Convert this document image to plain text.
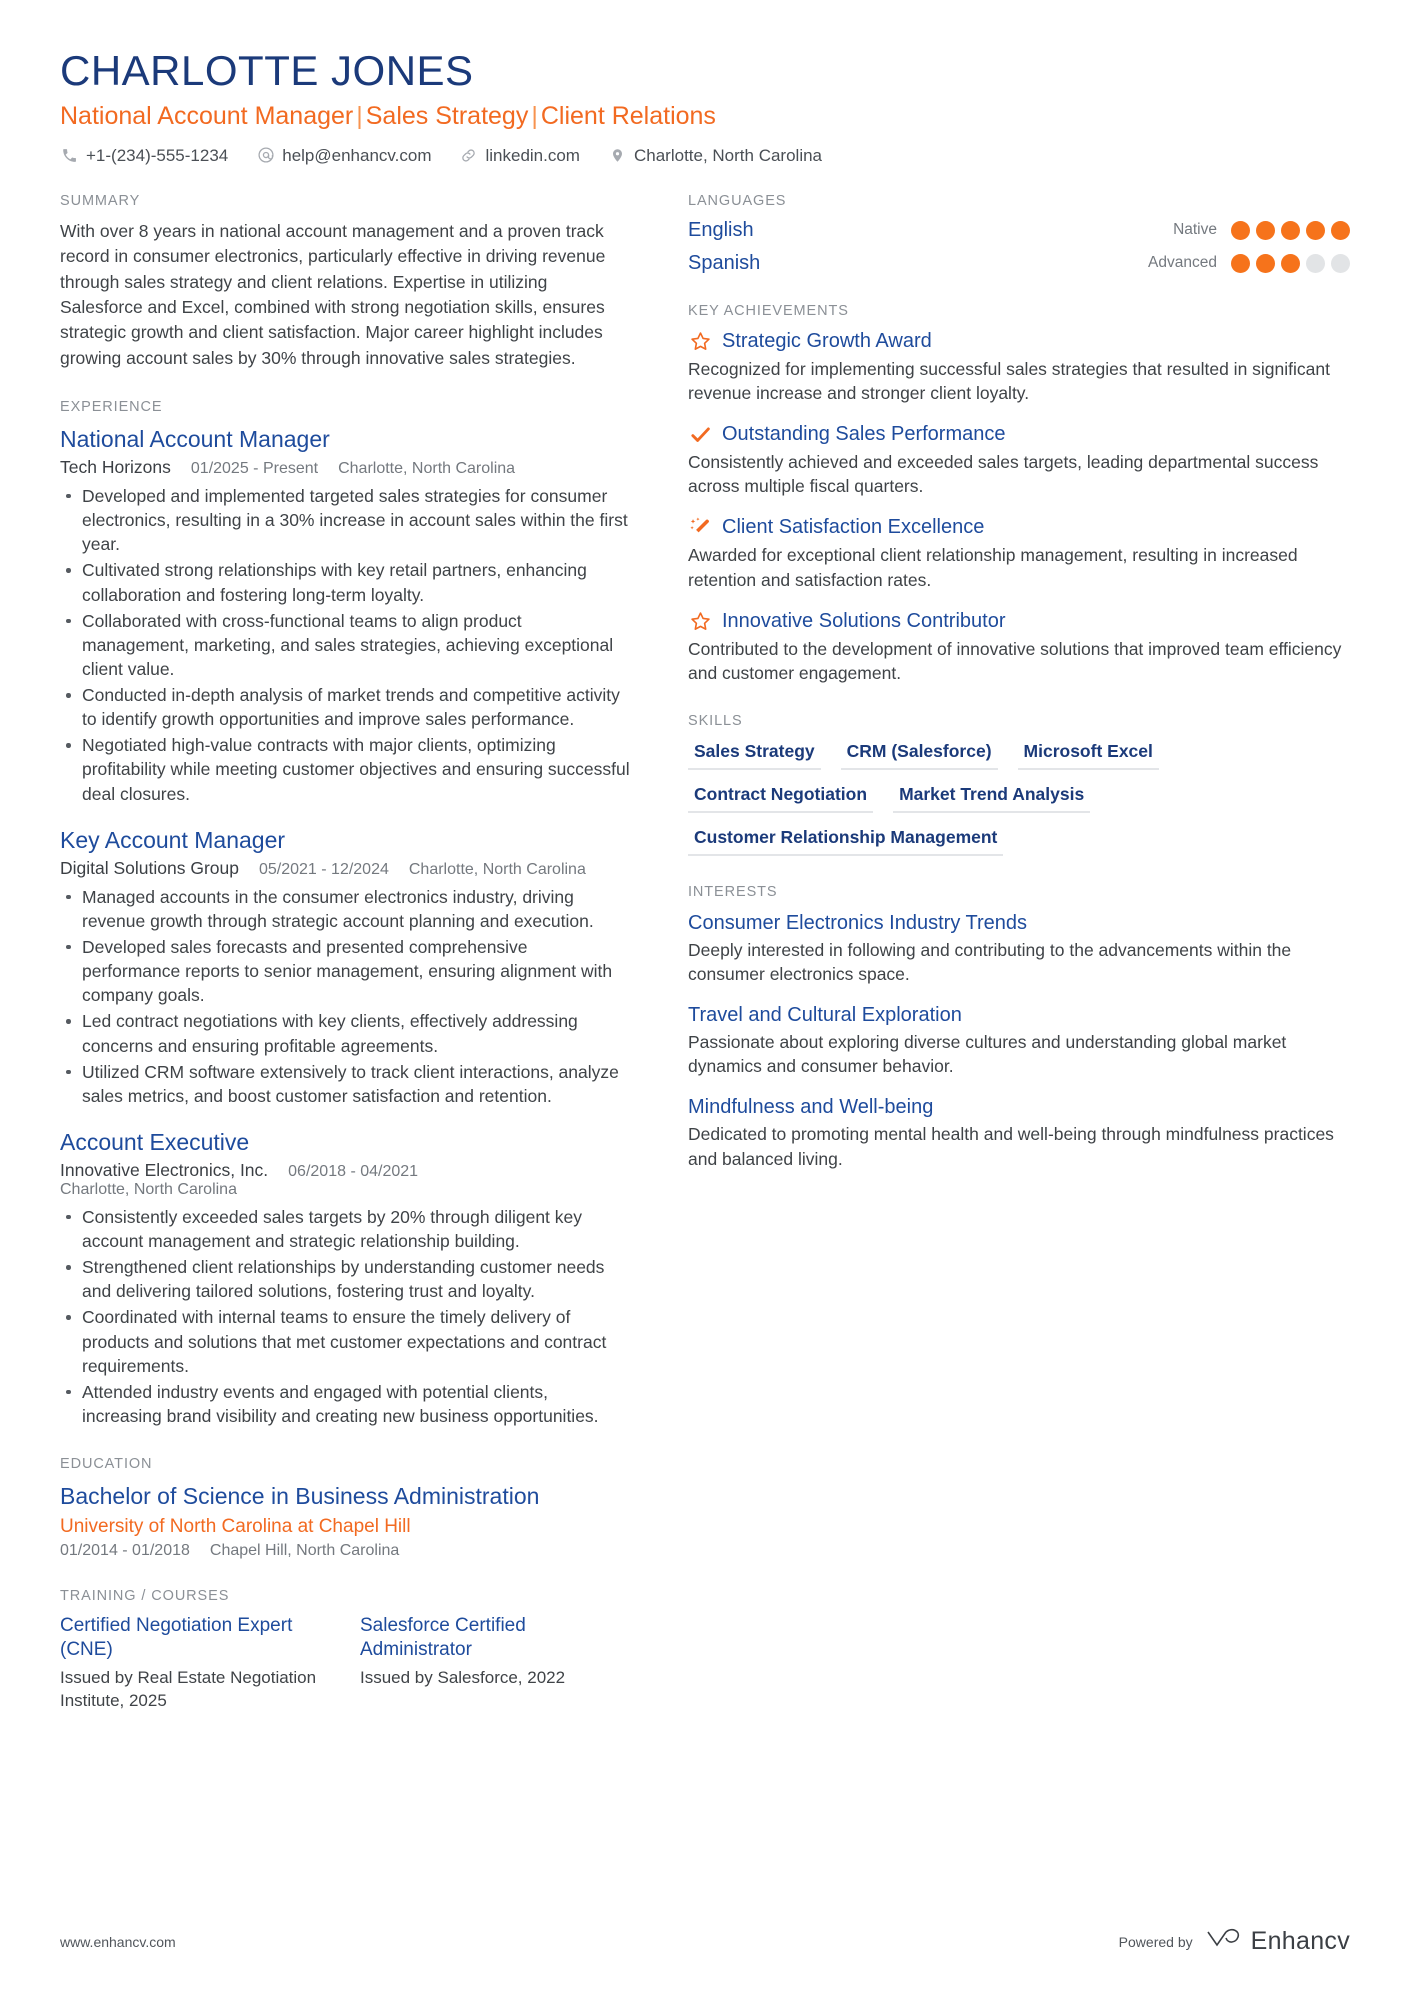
CHARLOTTE JONES
National Account Manager | Sales Strategy | Client Relations
+1-(234)-555-1234	help@enhancv.com	linkedin.com	Charlotte, North Carolina
SUMMARY
With over 8 years in national account management and a proven track record in consumer electronics, particularly effective in driving revenue through sales strategy and client relations. Expertise in utilizing Salesforce and Excel, combined with strong negotiation skills, ensures strategic growth and client satisfaction. Major career highlight includes growing account sales by 30% through innovative sales strategies.
EXPERIENCE
National Account Manager
Tech Horizons 01/2025 - Present Charlotte, North Carolina
Developed and implemented targeted sales strategies for consumer electronics, resulting in a 30% increase in account sales within the first year.
Cultivated strong relationships with key retail partners, enhancing collaboration and fostering long-term loyalty.
Collaborated with cross-functional teams to align product management, marketing, and sales strategies, achieving exceptional client value.
Conducted in-depth analysis of market trends and competitive activity to identify growth opportunities and improve sales performance.
Negotiated high-value contracts with major clients, optimizing profitability while meeting customer objectives and ensuring successful deal closures.
Key Account Manager
Digital Solutions Group 05/2021 - 12/2024 Charlotte, North Carolina
Managed accounts in the consumer electronics industry, driving revenue growth through strategic account planning and execution.
Developed sales forecasts and presented comprehensive performance reports to senior management, ensuring alignment with company goals.
Led contract negotiations with key clients, effectively addressing concerns and ensuring profitable agreements.
Utilized CRM software extensively to track client interactions, analyze sales metrics, and boost customer satisfaction and retention.
Account Executive
Innovative Electronics, Inc. 06/2018 - 04/2021
Charlotte, North Carolina
Consistently exceeded sales targets by 20% through diligent key account management and strategic relationship building.
Strengthened client relationships by understanding customer needs and delivering tailored solutions, fostering trust and loyalty.
Coordinated with internal teams to ensure the timely delivery of products and solutions that met customer expectations and contract requirements.
Attended industry events and engaged with potential clients, increasing brand visibility and creating new business opportunities.
EDUCATION
Bachelor of Science in Business Administration
University of North Carolina at Chapel Hill
01/2014 - 01/2018 Chapel Hill, North Carolina
TRAINING / COURSES
Certified Negotiation Expert (CNE)
Issued by Real Estate Negotiation Institute, 2025
Salesforce Certified Administrator
Issued by Salesforce, 2022
LANGUAGES
English	Native
Spanish	Advanced
KEY ACHIEVEMENTS
Strategic Growth Award
Recognized for implementing successful sales strategies that resulted in significant revenue increase and stronger client loyalty.
Outstanding Sales Performance
Consistently achieved and exceeded sales targets, leading departmental success across multiple fiscal quarters.
Client Satisfaction Excellence
Awarded for exceptional client relationship management, resulting in increased retention and satisfaction rates.
Innovative Solutions Contributor
Contributed to the development of innovative solutions that improved team efficiency and customer engagement.
SKILLS
Sales Strategy	CRM (Salesforce)	Microsoft Excel
Contract Negotiation	Market Trend Analysis
Customer Relationship Management
INTERESTS
Consumer Electronics Industry Trends
Deeply interested in following and contributing to the advancements within the consumer electronics space.
Travel and Cultural Exploration
Passionate about exploring diverse cultures and understanding global market dynamics and consumer behavior.
Mindfulness and Well-being
Dedicated to promoting mental health and well-being through mindfulness practices and balanced living.
www.enhancv.com	Powered by Enhancv
